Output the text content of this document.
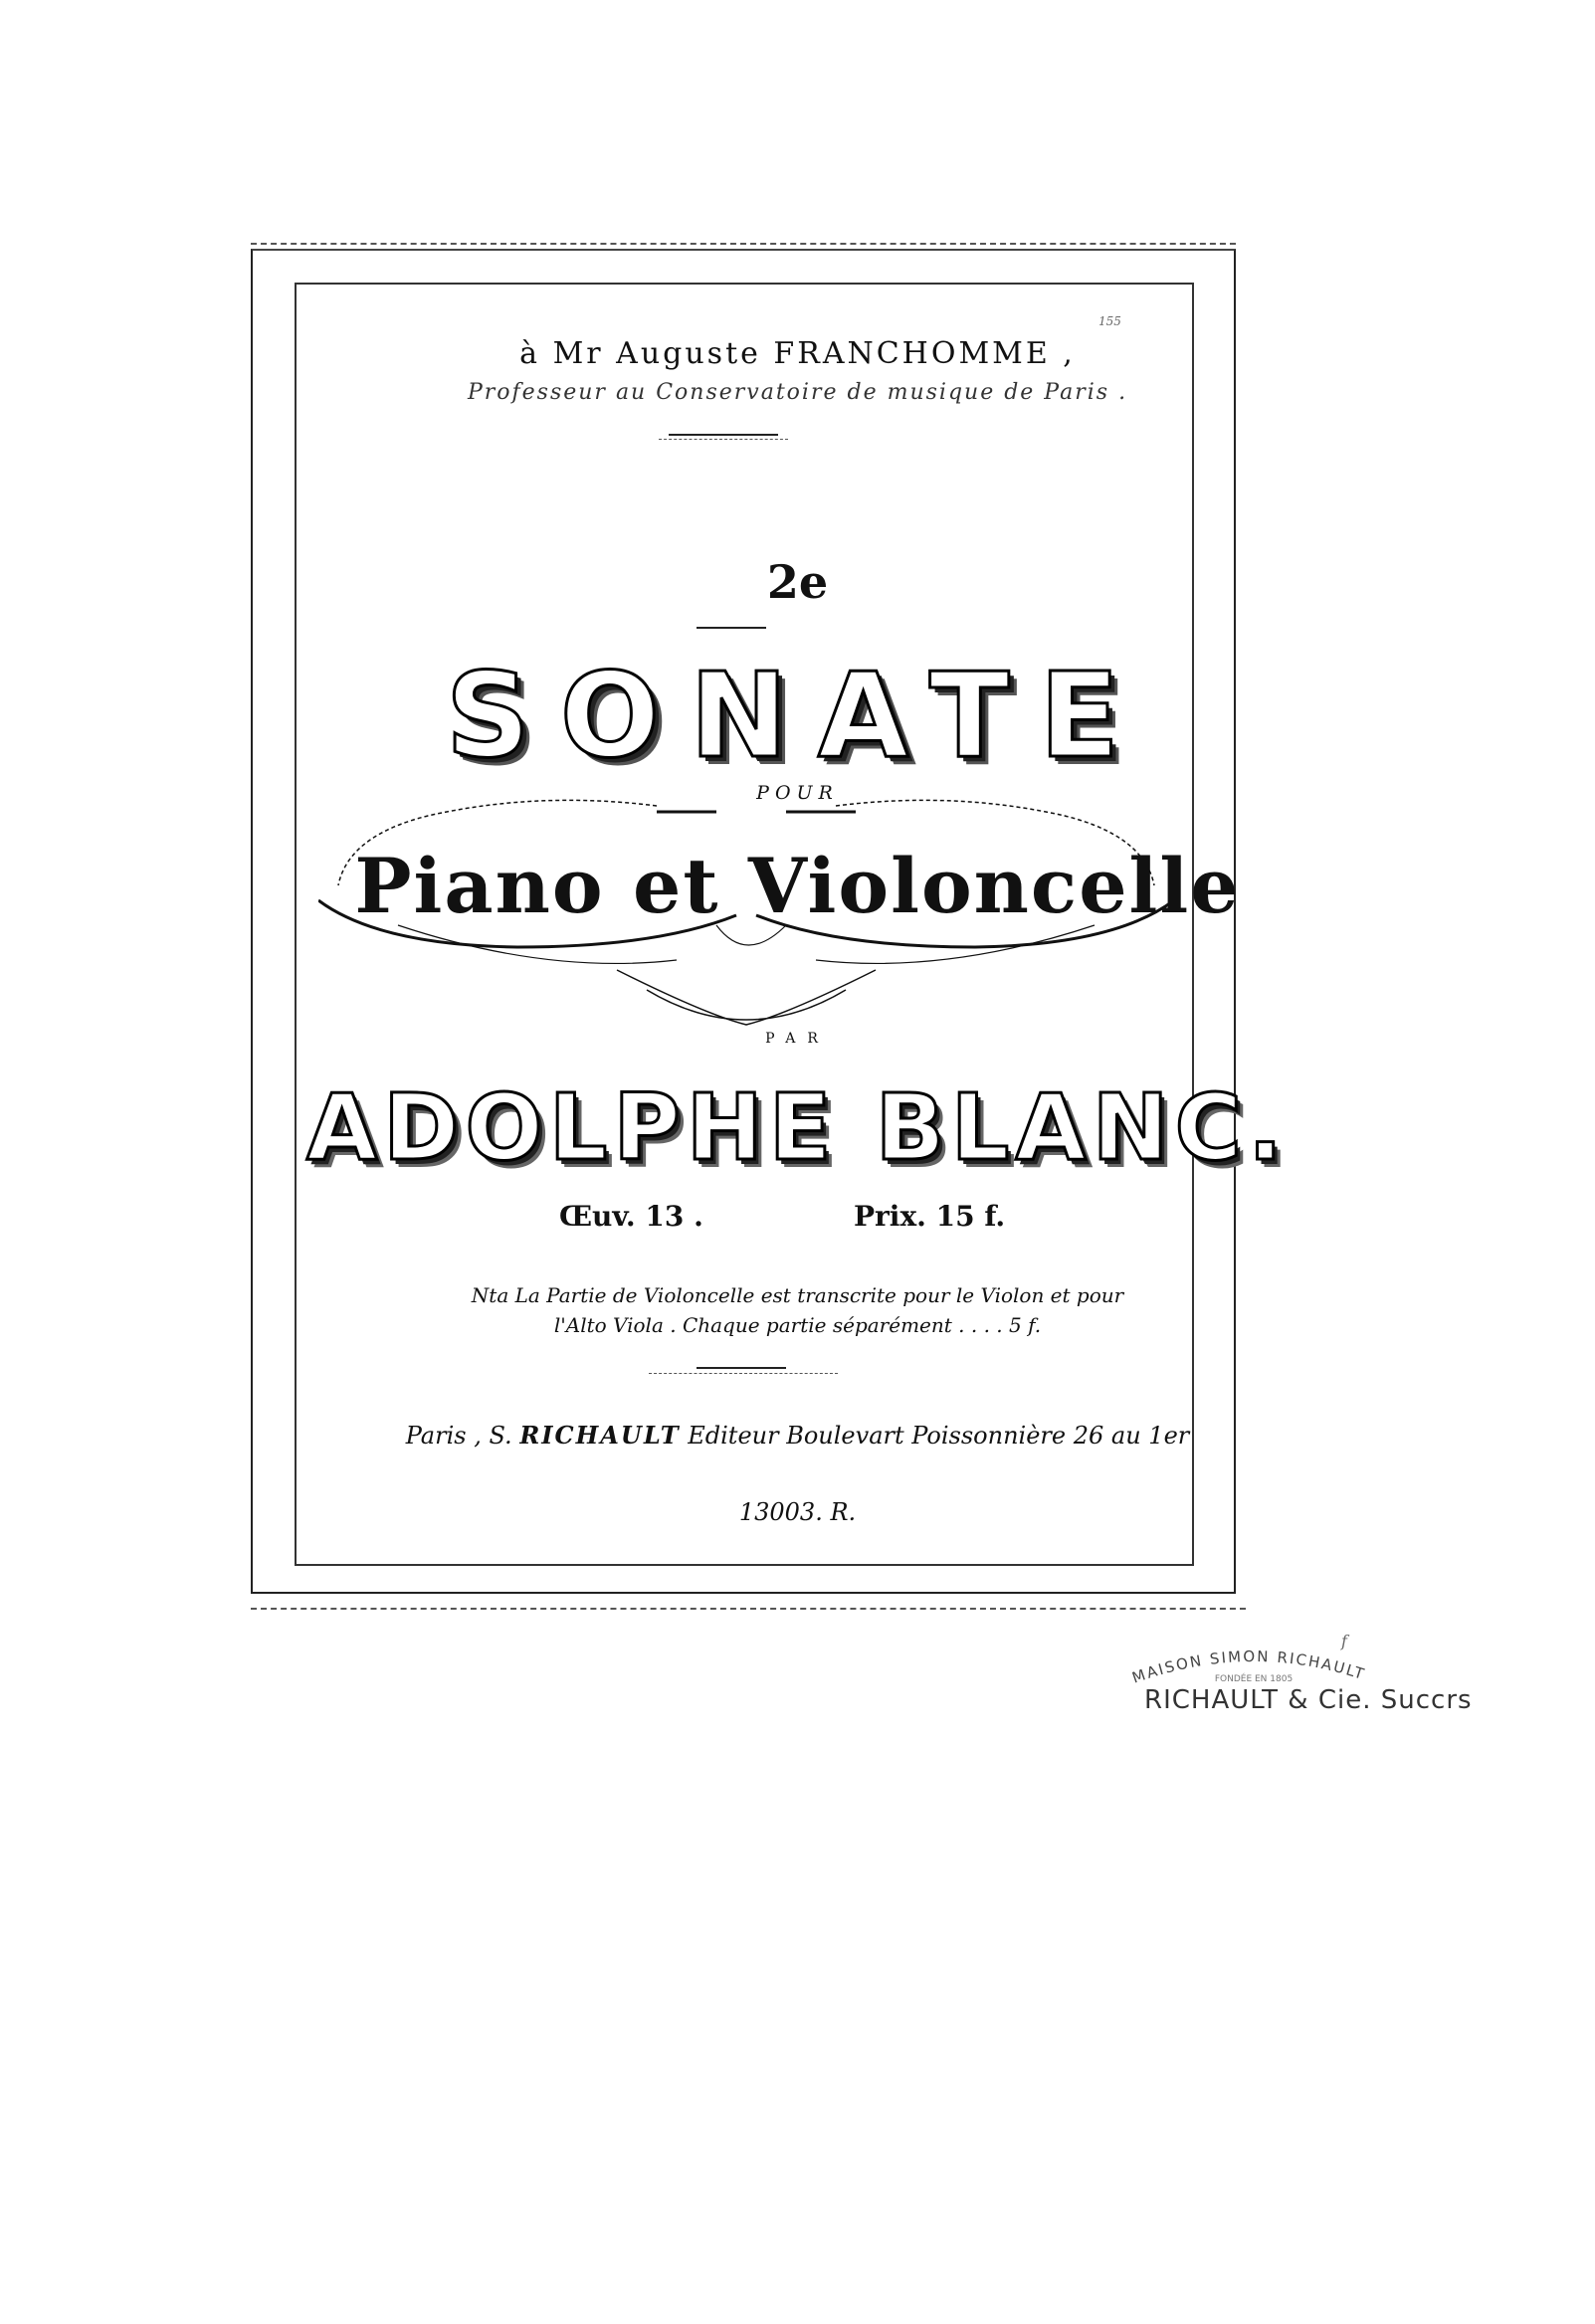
155
à Mr Auguste FRANCHOMME ,
Professeur au Conservatoire de musique de Paris .
2e
SONATE
POUR
Piano et Violoncelle
PAR
ADOLPHE BLANC.
Œuv. 13 .	Prix. 15 f.
Nta La Partie de Violoncelle est transcrite pour le Violon et pour
l'Alto Viola . Chaque partie séparément . . . . 5 f.
Paris , S. RICHAULT Editeur Boulevart Poissonnière 26 au 1er
13003. R.
MAISON SIMON RICHAULT
FONDÉE EN 1805
RICHAULT & Cie. Succrs
f
